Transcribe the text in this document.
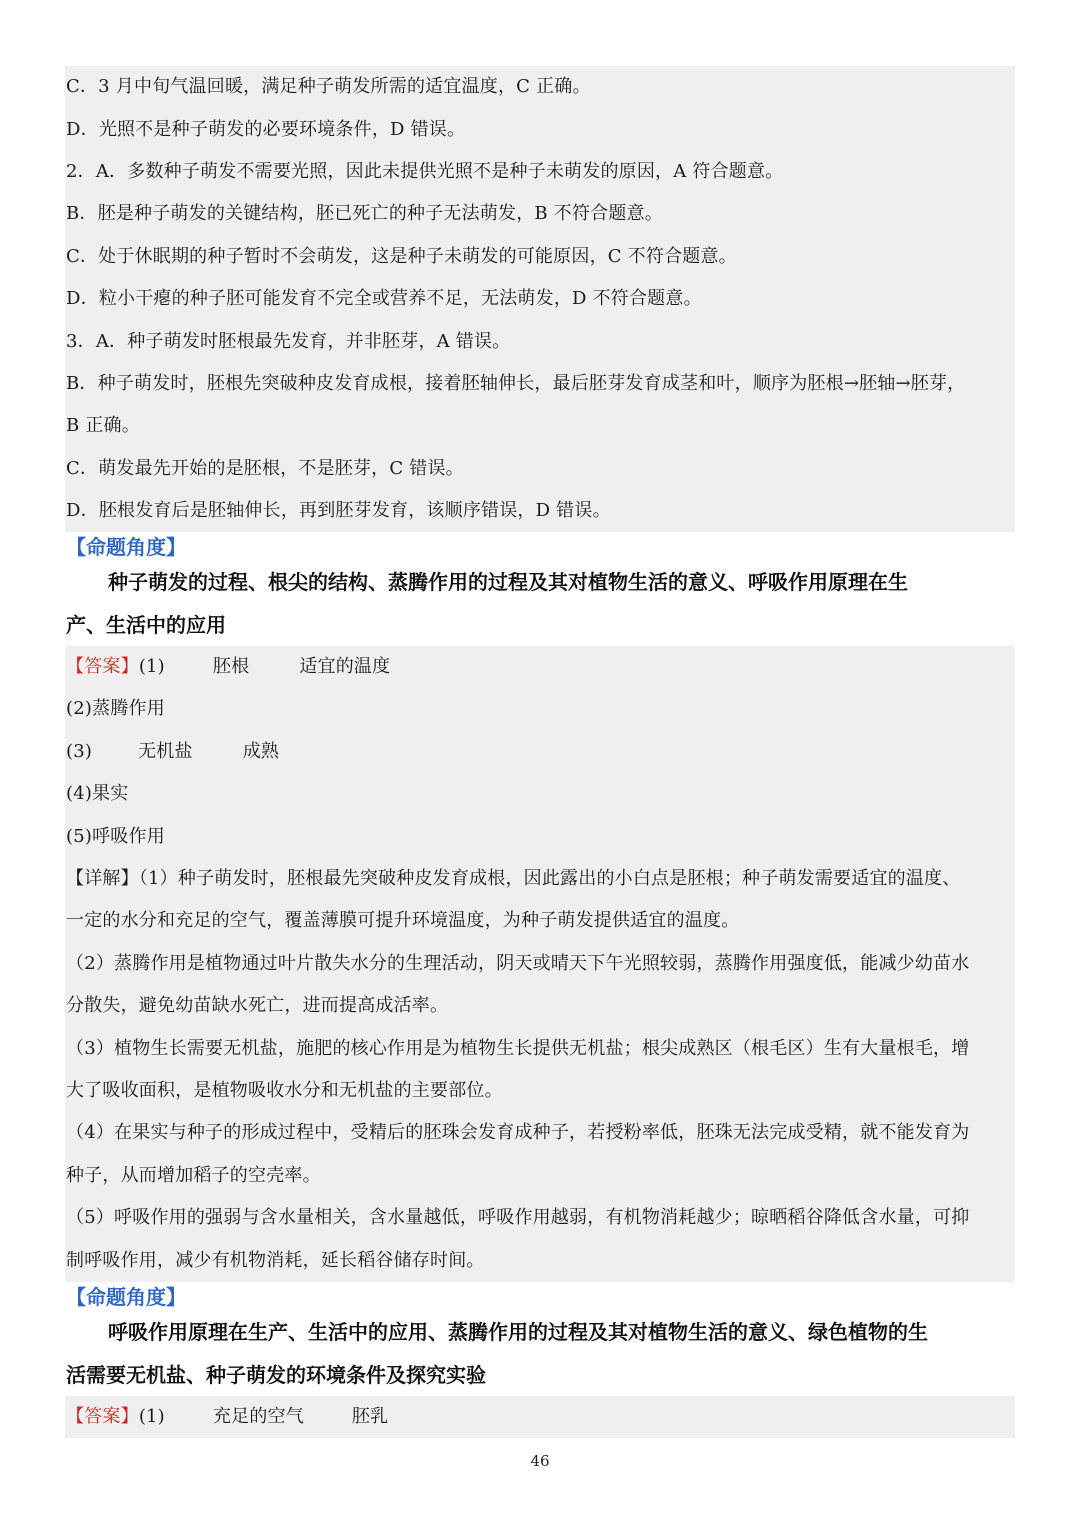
C．3 月中旬气温回暖，满足种子萌发所需的适宜温度，C 正确。
D．光照不是种子萌发的必要环境条件，D 错误。
2．A．多数种子萌发不需要光照，因此未提供光照不是种子未萌发的原因，A 符合题意。
B．胚是种子萌发的关键结构，胚已死亡的种子无法萌发，B 不符合题意。
C．处于休眠期的种子暂时不会萌发，这是种子未萌发的可能原因，C 不符合题意。
D．粒小干瘪的种子胚可能发育不完全或营养不足，无法萌发，D 不符合题意。
3．A．种子萌发时胚根最先发育，并非胚芽，A 错误。
B．种子萌发时，胚根先突破种皮发育成根，接着胚轴伸长，最后胚芽发育成茎和叶，顺序为胚根→胚轴→胚芽，
B 正确。
C．萌发最先开始的是胚根，不是胚芽，C 错误。
D．胚根发育后是胚轴伸长，再到胚芽发育，该顺序错误，D 错误。
【命题角度】
种子萌发的过程、根尖的结构、蒸腾作用的过程及其对植物生活的意义、呼吸作用原理在生
产、生活中的应用
【答案】(1)	胚根	适宜的温度
(2)蒸腾作用
(3)	无机盐	成熟
(4)果实
(5)呼吸作用
【详解】（1）种子萌发时，胚根最先突破种皮发育成根，因此露出的小白点是胚根；种子萌发需要适宜的温度、
一定的水分和充足的空气，覆盖薄膜可提升环境温度，为种子萌发提供适宜的温度。
（2）蒸腾作用是植物通过叶片散失水分的生理活动，阴天或晴天下午光照较弱，蒸腾作用强度低，能减少幼苗水
分散失，避免幼苗缺水死亡，进而提高成活率。
（3）植物生长需要无机盐，施肥的核心作用是为植物生长提供无机盐；根尖成熟区（根毛区）生有大量根毛，增
大了吸收面积，是植物吸收水分和无机盐的主要部位。
（4）在果实与种子的形成过程中，受精后的胚珠会发育成种子，若授粉率低，胚珠无法完成受精，就不能发育为
种子，从而增加稻子的空壳率。
（5）呼吸作用的强弱与含水量相关，含水量越低，呼吸作用越弱，有机物消耗越少；晾晒稻谷降低含水量，可抑
制呼吸作用，减少有机物消耗，延长稻谷储存时间。
【命题角度】
呼吸作用原理在生产、生活中的应用、蒸腾作用的过程及其对植物生活的意义、绿色植物的生
活需要无机盐、种子萌发的环境条件及探究实验
【答案】(1)	充足的空气	胚乳
46
